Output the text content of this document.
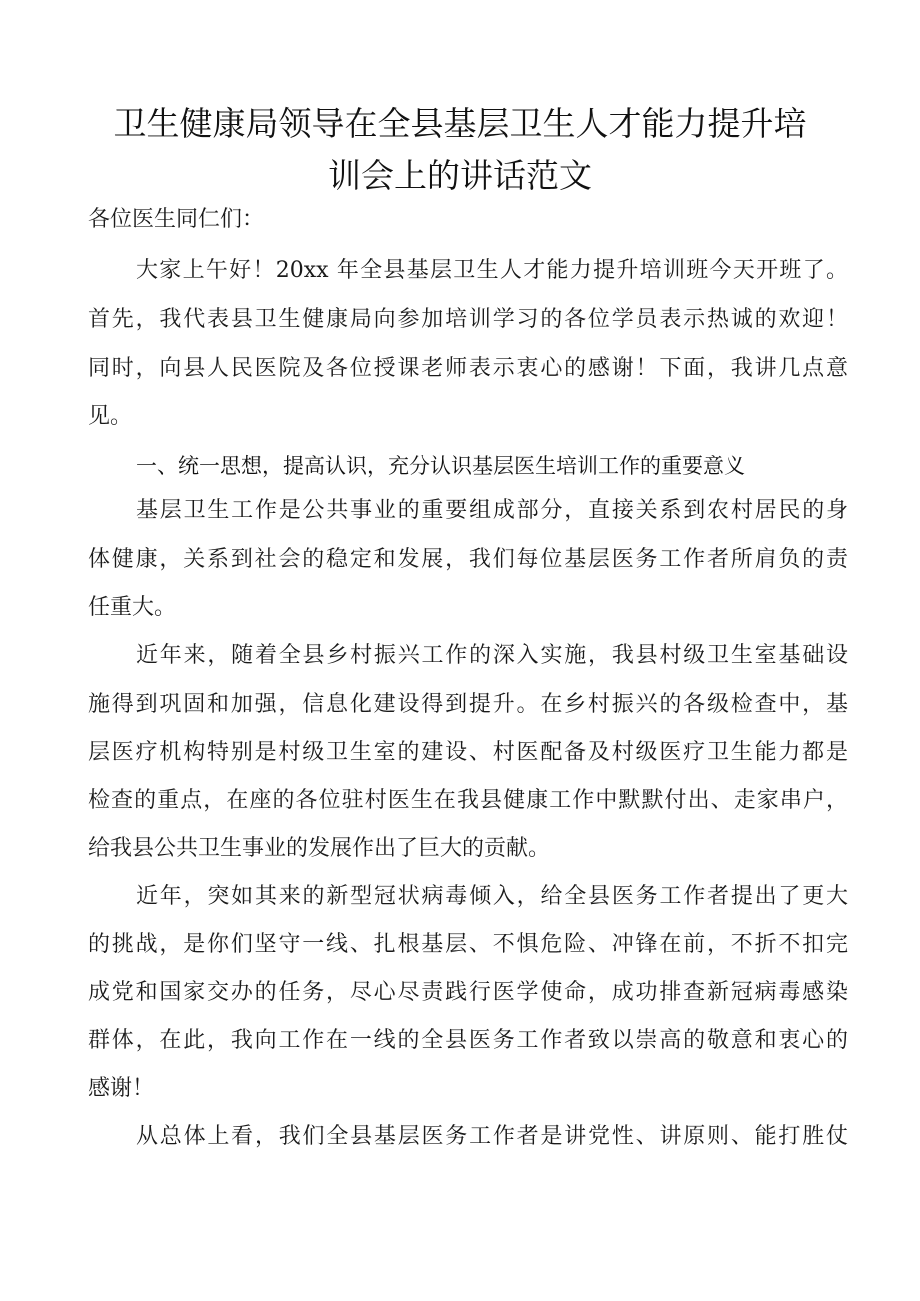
卫生健康局领导在全县基层卫生人才能力提升培
训会上的讲话范文
各位医生同仁们：
大家上午好！20xx 年全县基层卫生人才能力提升培训班今天开班了。
首先，我代表县卫生健康局向参加培训学习的各位学员表示热诚的欢迎！
同时，向县人民医院及各位授课老师表示衷心的感谢！下面，我讲几点意
见。
一、统一思想，提高认识，充分认识基层医生培训工作的重要意义
基层卫生工作是公共事业的重要组成部分，直接关系到农村居民的身
体健康，关系到社会的稳定和发展，我们每位基层医务工作者所肩负的责
任重大。
近年来，随着全县乡村振兴工作的深入实施，我县村级卫生室基础设
施得到巩固和加强，信息化建设得到提升。在乡村振兴的各级检查中，基
层医疗机构特别是村级卫生室的建设、村医配备及村级医疗卫生能力都是
检查的重点，在座的各位驻村医生在我县健康工作中默默付出、走家串户，
给我县公共卫生事业的发展作出了巨大的贡献。
近年，突如其来的新型冠状病毒倾入，给全县医务工作者提出了更大
的挑战，是你们坚守一线、扎根基层、不惧危险、冲锋在前，不折不扣完
成党和国家交办的任务，尽心尽责践行医学使命，成功排查新冠病毒感染
群体，在此，我向工作在一线的全县医务工作者致以崇高的敬意和衷心的
感谢！
从总体上看，我们全县基层医务工作者是讲党性、讲原则、能打胜仗
